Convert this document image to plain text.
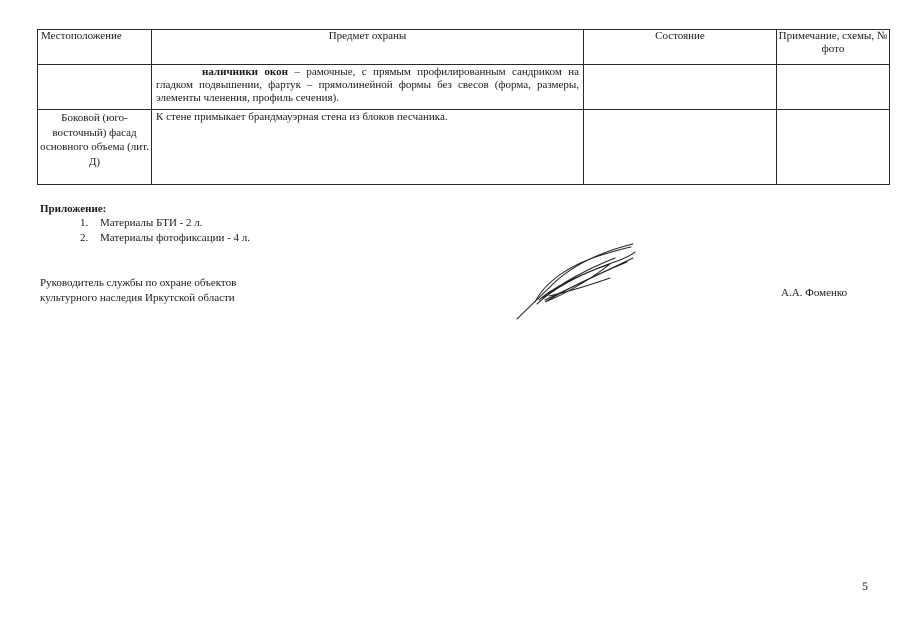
Местоположение	Предмет охраны	Состояние	Примечание, схемы, № фото
	наличники окон – рамочные, с прямым профилированным сандриком на гладком подвышении, фартук – прямолинейной формы без свесов (форма, размеры, элементы членения, профиль сечения).		
Боковой (юго-восточный) фасад основного объема (лит. Д)	К стене примыкает брандмауэрная стена из блоков песчаника.		
Приложение:
1. Материалы БТИ - 2 л.
2. Материалы фотофиксации - 4 л.
Руководитель службы по охране объектов
культурного наследия Иркутской области	А.А. Фоменко
5
